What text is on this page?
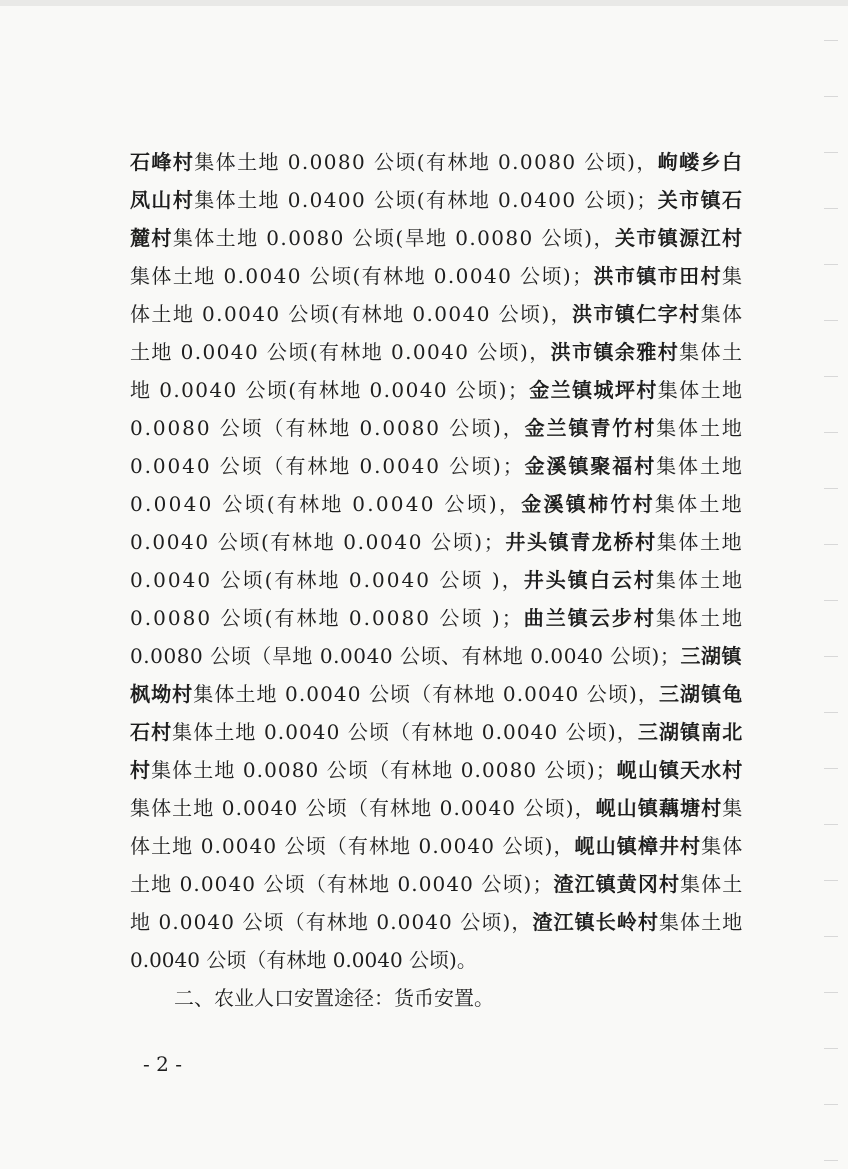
石峰村集体土地 0.0080 公顷(有林地 0.0080 公顷)，岣嵝乡白
凤山村集体土地 0.0400 公顷(有林地 0.0400 公顷)；关市镇石
麓村集体土地 0.0080 公顷(旱地 0.0080 公顷)，关市镇源江村
集体土地 0.0040 公顷(有林地 0.0040 公顷)；洪市镇市田村集
体土地 0.0040 公顷(有林地 0.0040 公顷)，洪市镇仁字村集体
土地 0.0040 公顷(有林地 0.0040 公顷)，洪市镇余雅村集体土
地 0.0040 公顷(有林地 0.0040 公顷)；金兰镇城坪村集体土地
0.0080 公顷（有林地 0.0080 公顷)，金兰镇青竹村集体土地
0.0040 公顷（有林地 0.0040 公顷)；金溪镇聚福村集体土地
0.0040 公顷(有林地 0.0040 公顷)，金溪镇柿竹村集体土地
0.0040 公顷(有林地 0.0040 公顷)；井头镇青龙桥村集体土地
0.0040 公顷(有林地 0.0040 公顷 )，井头镇白云村集体土地
0.0080 公顷(有林地 0.0080 公顷 )；曲兰镇云步村集体土地
0.0080 公顷（旱地 0.0040 公顷、有林地 0.0040 公顷)；三湖镇
枫坳村集体土地 0.0040 公顷（有林地 0.0040 公顷)，三湖镇龟
石村集体土地 0.0040 公顷（有林地 0.0040 公顷)，三湖镇南北
村集体土地 0.0080 公顷（有林地 0.0080 公顷)；岘山镇天水村
集体土地 0.0040 公顷（有林地 0.0040 公顷)，岘山镇藕塘村集
体土地 0.0040 公顷（有林地 0.0040 公顷)，岘山镇樟井村集体
土地 0.0040 公顷（有林地 0.0040 公顷)；渣江镇黄冈村集体土
地 0.0040 公顷（有林地 0.0040 公顷)，渣江镇长岭村集体土地
0.0040 公顷（有林地 0.0040 公顷)。
二、农业人口安置途径：货币安置。
- 2 -
